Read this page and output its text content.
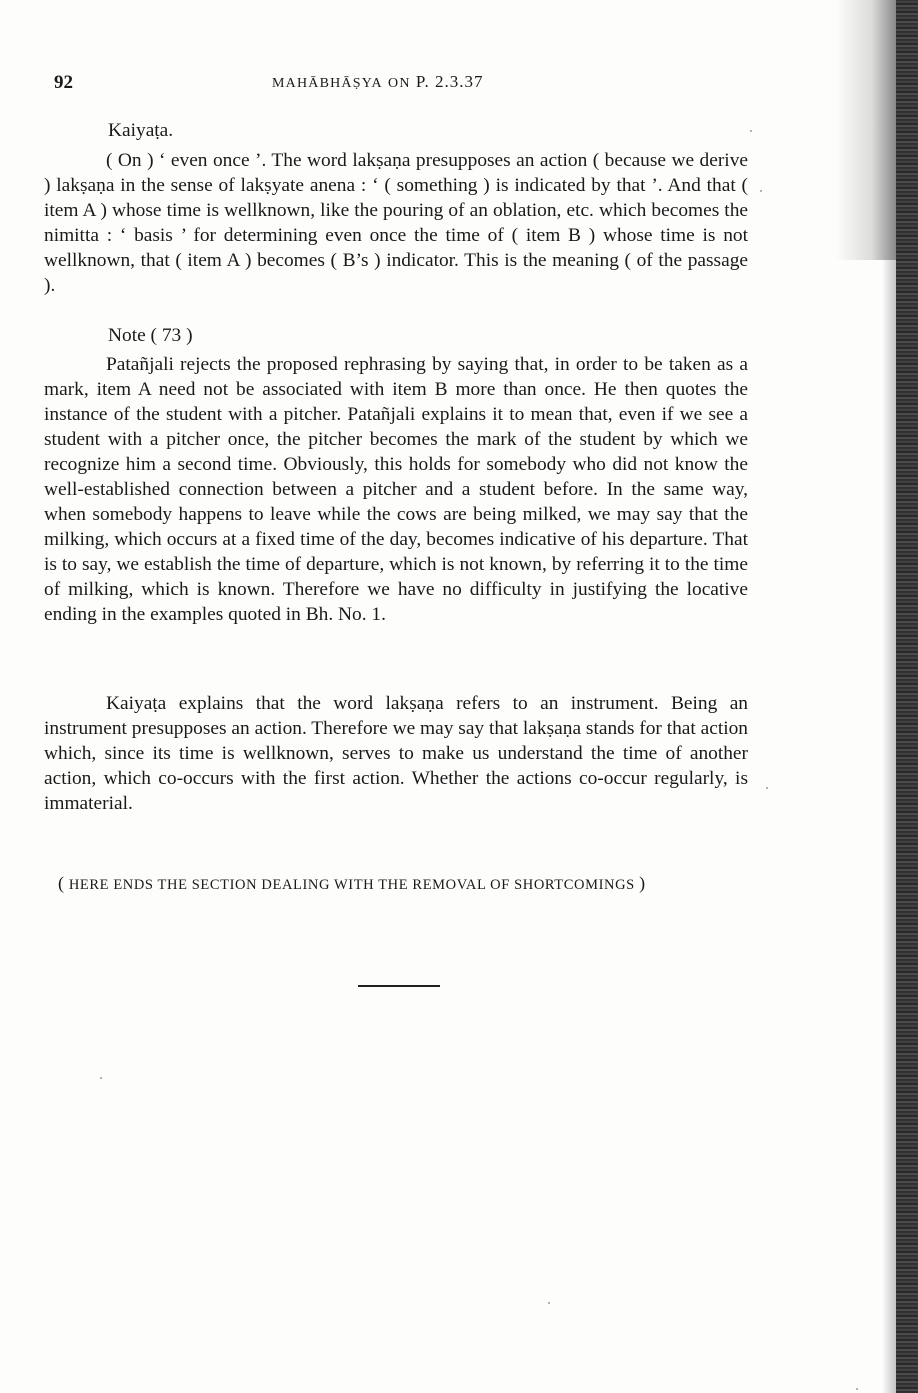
92	MAHĀBHĀṢYA ON P. 2.3.37
Kaiyaṭa.

( On ) ‘ even once ’. The word lakṣaṇa presupposes an action ( because we derive ) lakṣaṇa in the sense of lakṣyate anena : ‘ ( something ) is indicated by that ’. And that ( item A ) whose time is wellknown, like the pouring of an oblation, etc. which becomes the nimitta : ‘ basis ’ for determining even once the time of ( item B ) whose time is not wellknown, that ( item A ) becomes ( B’s ) indicator. This is the meaning ( of the passage ).

Note ( 73 )

Patañjali rejects the proposed rephrasing by saying that, in order to be taken as a mark, item A need not be associated with item B more than once. He then quotes the instance of the student with a pitcher. Patañjali explains it to mean that, even if we see a student with a pitcher once, the pitcher becomes the mark of the student by which we recognize him a second time. Obviously, this holds for somebody who did not know the well-established connection between a pitcher and a student before. In the same way, when somebody happens to leave while the cows are being milked, we may say that the milking, which occurs at a fixed time of the day, becomes indicative of his departure. That is to say, we establish the time of departure, which is not known, by referring it to the time of milking, which is known. Therefore we have no difficulty in justifying the locative ending in the examples quoted in Bh. No. 1.

Kaiyaṭa explains that the word lakṣaṇa refers to an instrument. Being an instrument presupposes an action. Therefore we may say that lakṣaṇa stands for that action which, since its time is wellknown, serves to make us understand the time of another action, which co-occurs with the first action. Whether the actions co-occur regularly, is immaterial.

( HERE ENDS THE SECTION DEALING WITH THE REMOVAL OF SHORTCOMINGS )
